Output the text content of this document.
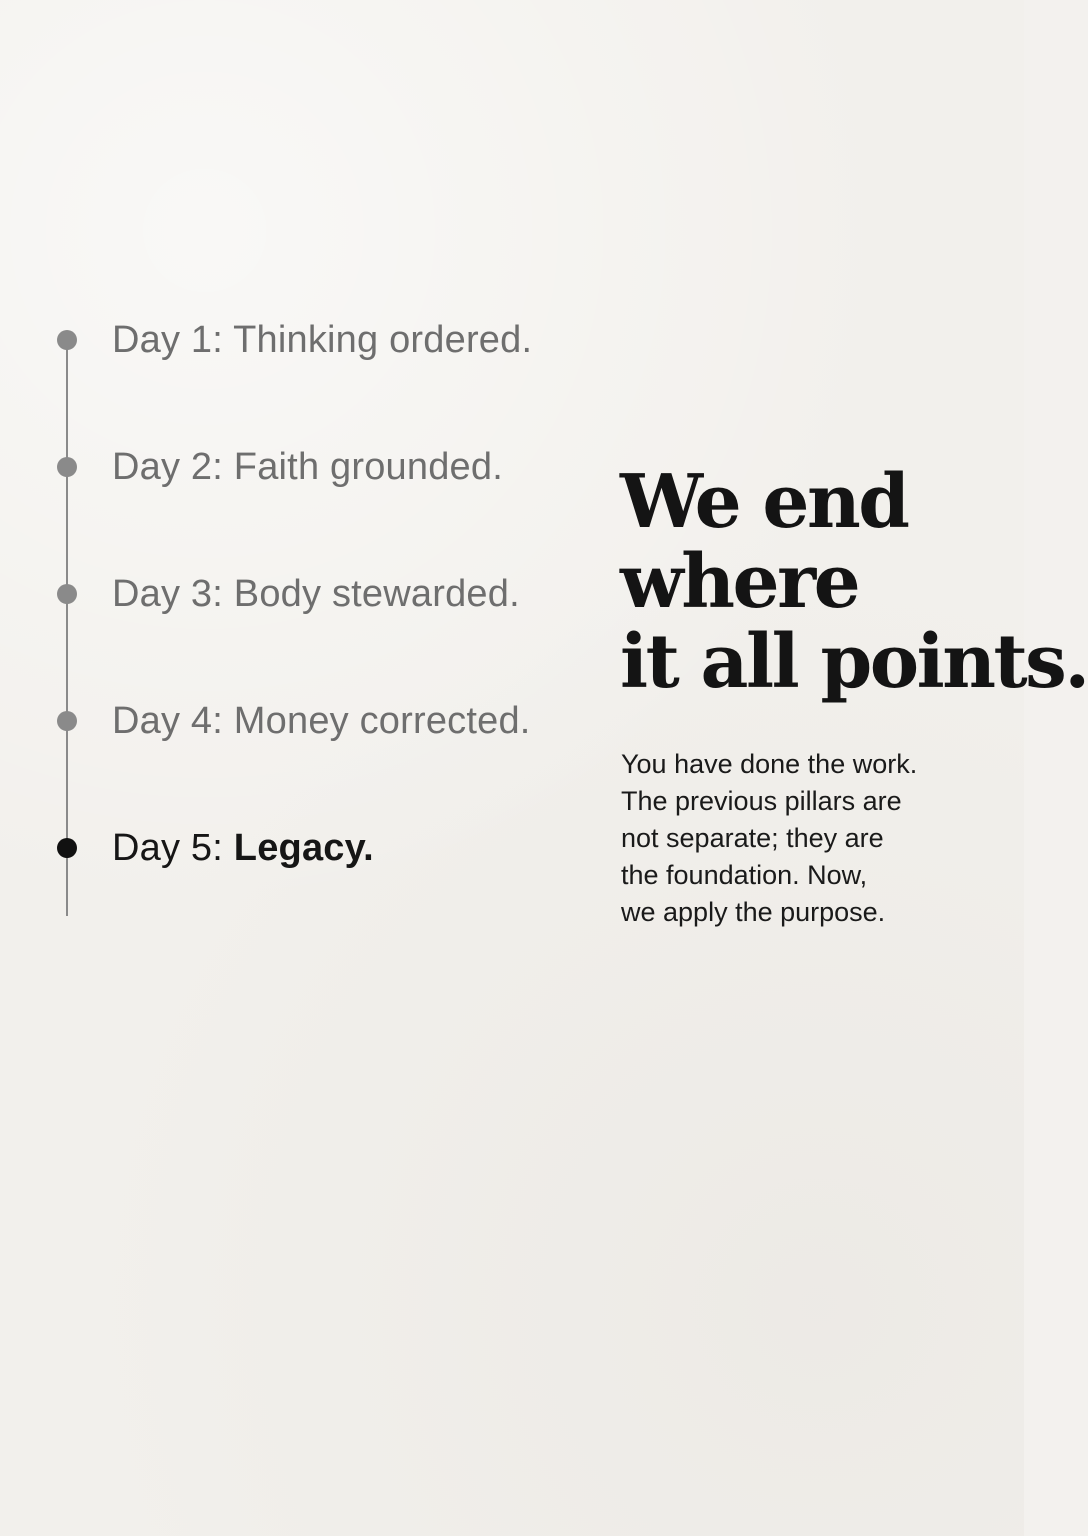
Day 1: Thinking ordered.
Day 2: Faith grounded.
Day 3: Body stewarded.
Day 4: Money corrected.
Day 5: Legacy.
We end
where
it all points.
You have done the work.
The previous pillars are
not separate; they are
the foundation. Now,
we apply the purpose.
